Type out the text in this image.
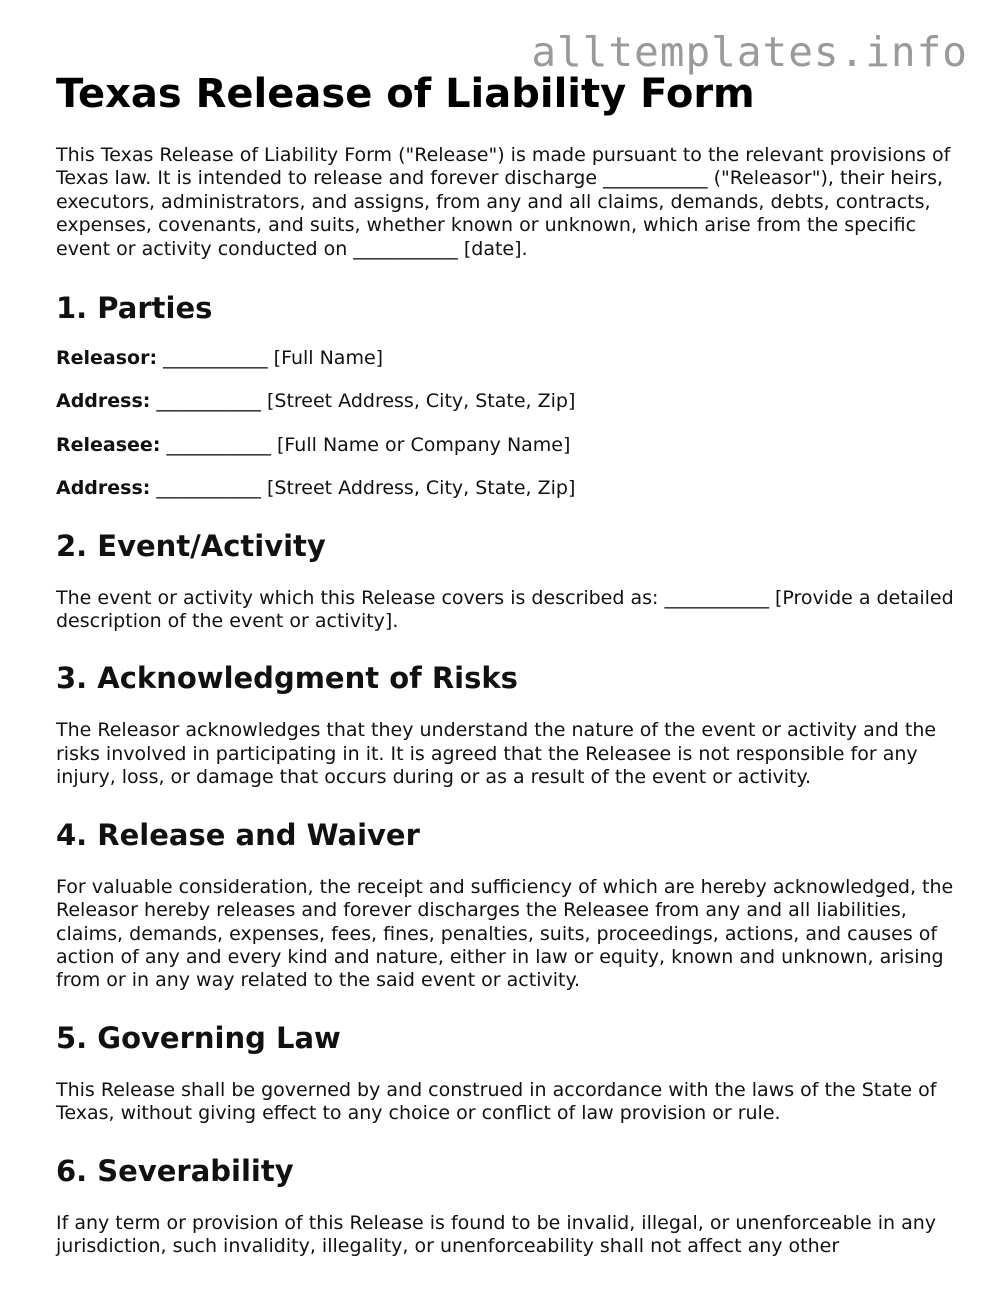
alltemplates.info
Texas Release of Liability Form

This Texas Release of Liability Form ("Release") is made pursuant to the relevant provisions of Texas law. It is intended to release and forever discharge ___________ ("Releasor"), their heirs, executors, administrators, and assigns, from any and all claims, demands, debts, contracts, expenses, covenants, and suits, whether known or unknown, which arise from the specific event or activity conducted on ___________ [date].

1. Parties

Releasor: ___________ [Full Name]

Address: ___________ [Street Address, City, State, Zip]

Releasee: ___________ [Full Name or Company Name]

Address: ___________ [Street Address, City, State, Zip]

2. Event/Activity

The event or activity which this Release covers is described as: ___________ [Provide a detailed description of the event or activity].

3. Acknowledgment of Risks

The Releasor acknowledges that they understand the nature of the event or activity and the risks involved in participating in it. It is agreed that the Releasee is not responsible for any injury, loss, or damage that occurs during or as a result of the event or activity.

4. Release and Waiver

For valuable consideration, the receipt and sufficiency of which are hereby acknowledged, the Releasor hereby releases and forever discharges the Releasee from any and all liabilities, claims, demands, expenses, fees, fines, penalties, suits, proceedings, actions, and causes of action of any and every kind and nature, either in law or equity, known and unknown, arising from or in any way related to the said event or activity.

5. Governing Law

This Release shall be governed by and construed in accordance with the laws of the State of Texas, without giving effect to any choice or conflict of law provision or rule.

6. Severability

If any term or provision of this Release is found to be invalid, illegal, or unenforceable in any jurisdiction, such invalidity, illegality, or unenforceability shall not affect any other
